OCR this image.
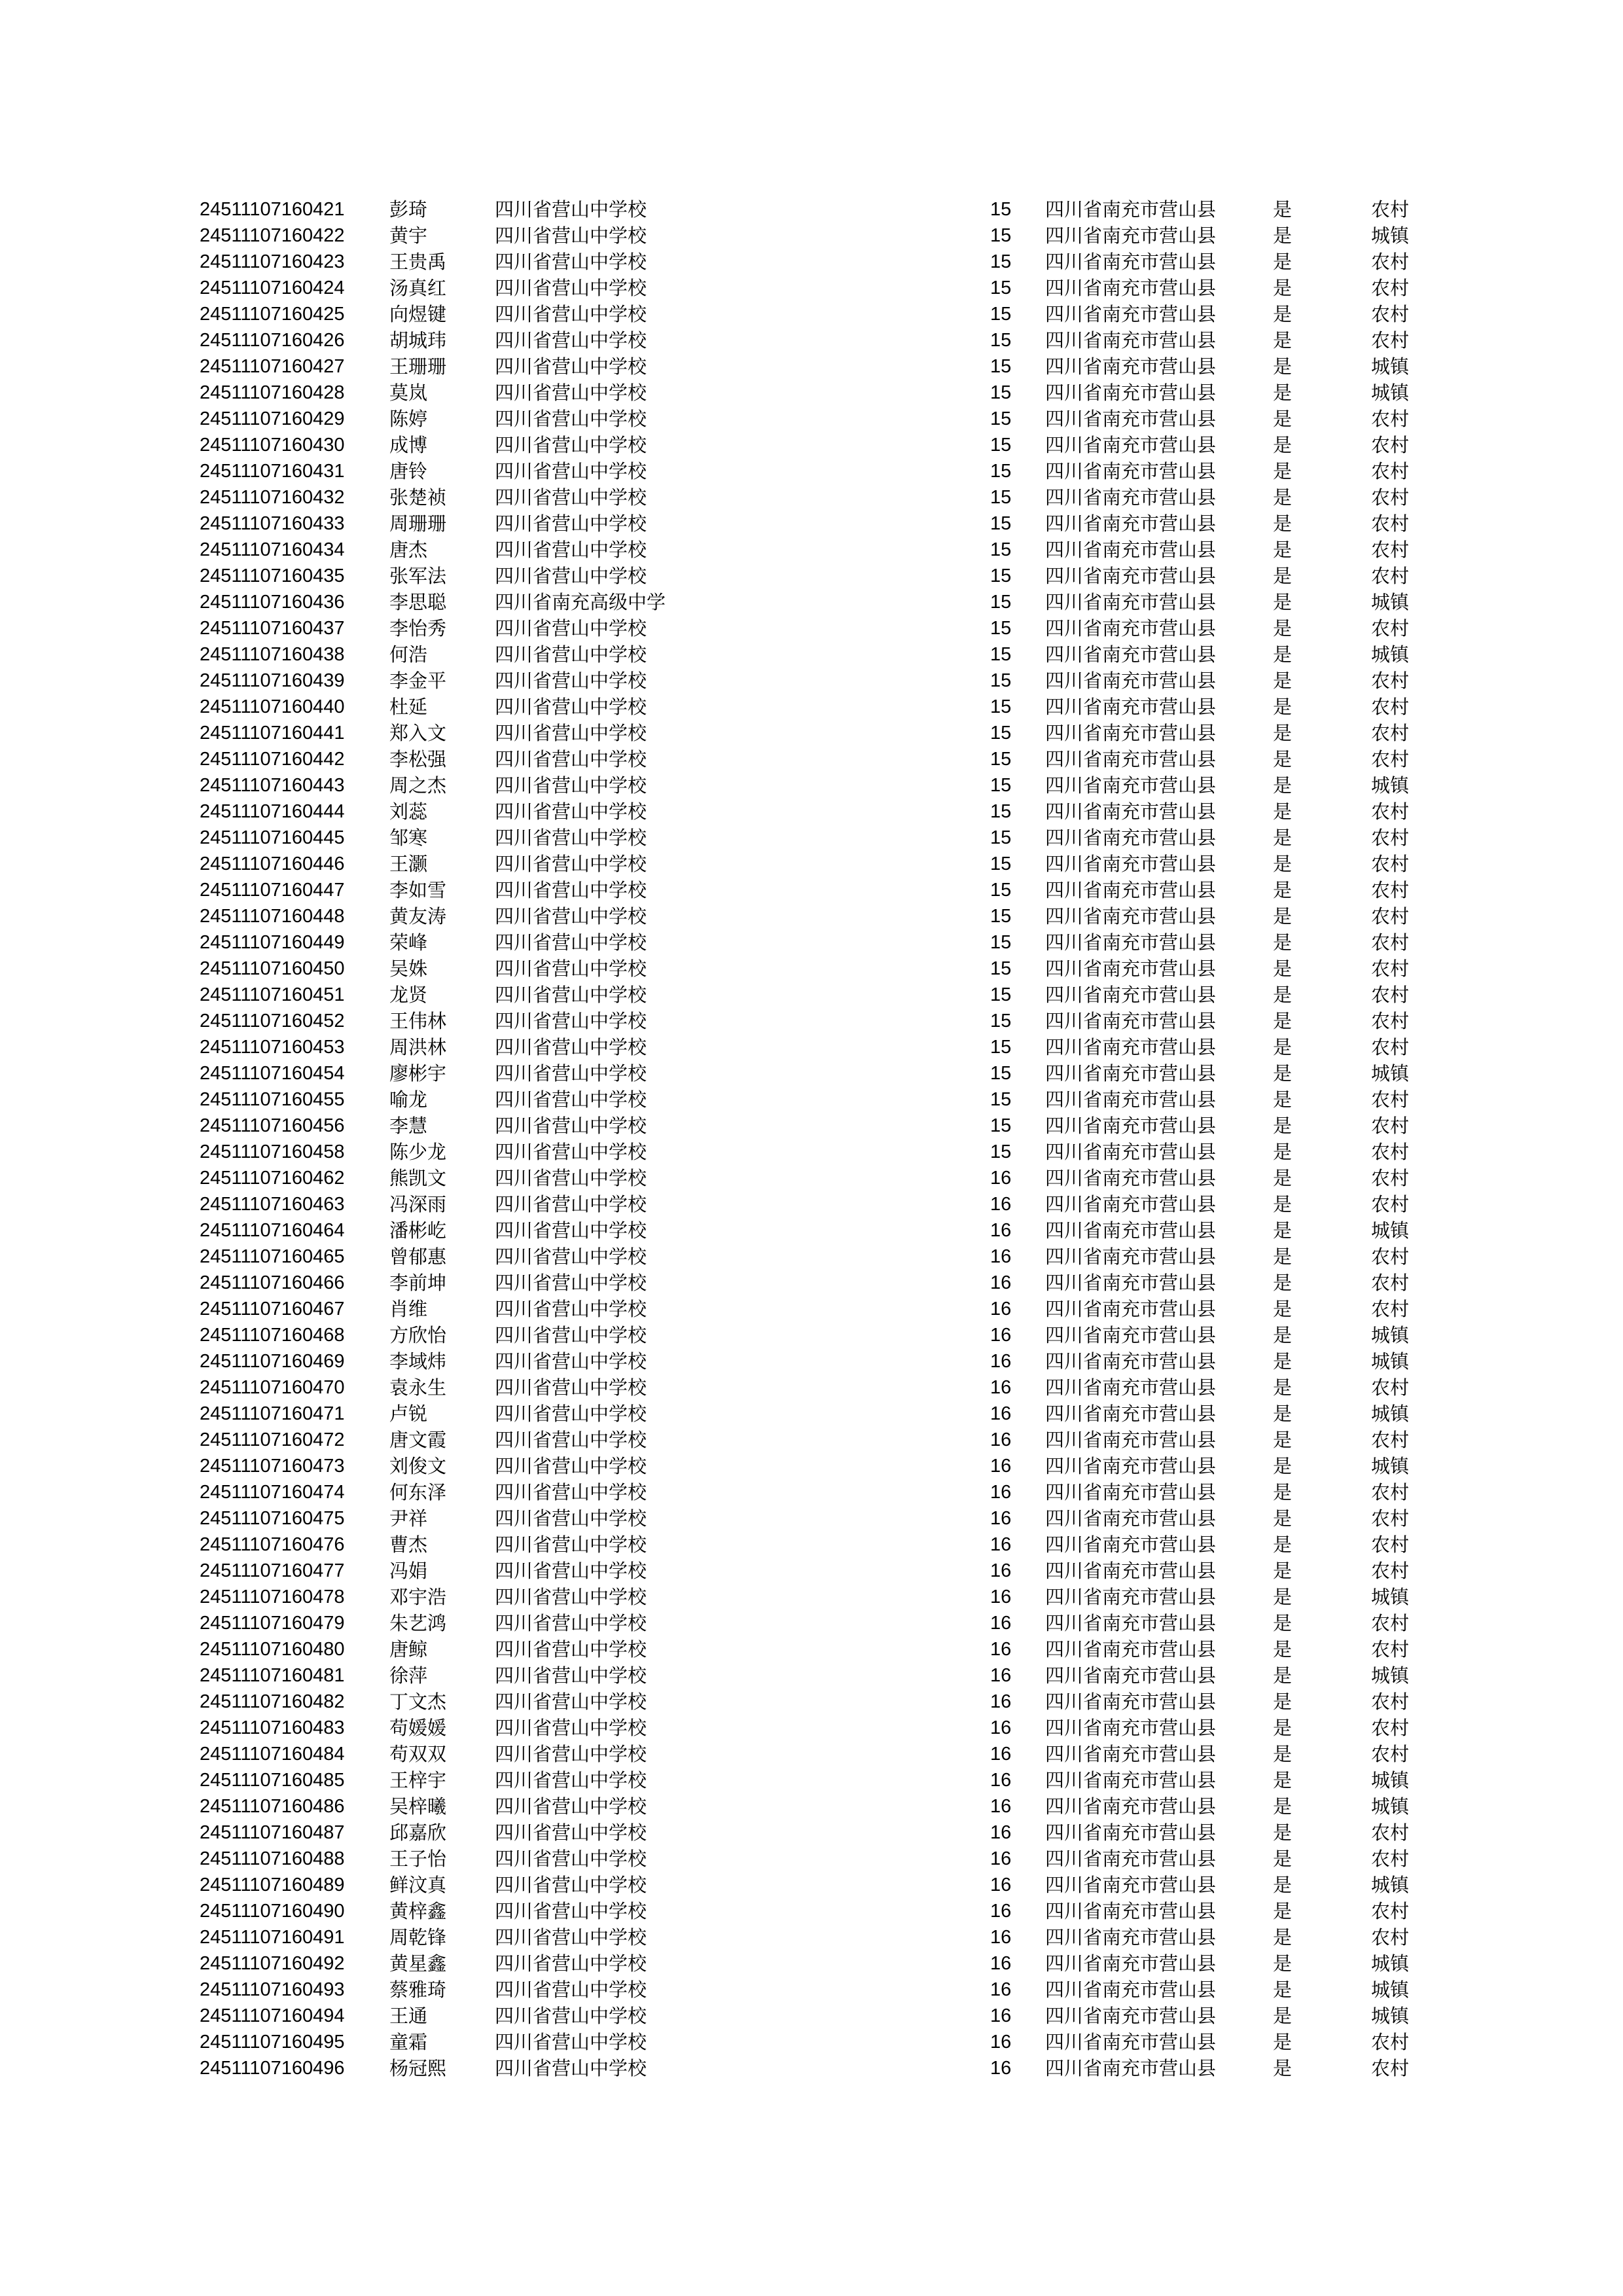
24511107160421 彭琦	四川省营山中学校	15 四川省南充市营山县	是	农村
24511107160422 黄宇	四川省营山中学校	15 四川省南充市营山县	是	城镇
24511107160423 王贵禹	四川省营山中学校	15 四川省南充市营山县	是	农村
24511107160424 汤真红	四川省营山中学校	15 四川省南充市营山县	是	农村
24511107160425 向煜键	四川省营山中学校	15 四川省南充市营山县	是	农村
24511107160426 胡城玮	四川省营山中学校	15 四川省南充市营山县	是	农村
24511107160427 王珊珊	四川省营山中学校	15 四川省南充市营山县	是	城镇
24511107160428 莫岚	四川省营山中学校	15 四川省南充市营山县	是	城镇
24511107160429 陈婷	四川省营山中学校	15 四川省南充市营山县	是	农村
24511107160430 成博	四川省营山中学校	15 四川省南充市营山县	是	农村
24511107160431 唐铃	四川省营山中学校	15 四川省南充市营山县	是	农村
24511107160432 张楚祯	四川省营山中学校	15 四川省南充市营山县	是	农村
24511107160433 周珊珊	四川省营山中学校	15 四川省南充市营山县	是	农村
24511107160434 唐杰	四川省营山中学校	15 四川省南充市营山县	是	农村
24511107160435 张军法	四川省营山中学校	15 四川省南充市营山县	是	农村
24511107160436 李思聪	四川省南充高级中学	15 四川省南充市营山县	是	城镇
24511107160437 李怡秀	四川省营山中学校	15 四川省南充市营山县	是	农村
24511107160438 何浩	四川省营山中学校	15 四川省南充市营山县	是	城镇
24511107160439 李金平	四川省营山中学校	15 四川省南充市营山县	是	农村
24511107160440 杜延	四川省营山中学校	15 四川省南充市营山县	是	农村
24511107160441 郑入文	四川省营山中学校	15 四川省南充市营山县	是	农村
24511107160442 李松强	四川省营山中学校	15 四川省南充市营山县	是	农村
24511107160443 周之杰	四川省营山中学校	15 四川省南充市营山县	是	城镇
24511107160444 刘蕊	四川省营山中学校	15 四川省南充市营山县	是	农村
24511107160445 邹寒	四川省营山中学校	15 四川省南充市营山县	是	农村
24511107160446 王灏	四川省营山中学校	15 四川省南充市营山县	是	农村
24511107160447 李如雪	四川省营山中学校	15 四川省南充市营山县	是	农村
24511107160448 黄友涛	四川省营山中学校	15 四川省南充市营山县	是	农村
24511107160449 荣峰	四川省营山中学校	15 四川省南充市营山县	是	农村
24511107160450 吴姝	四川省营山中学校	15 四川省南充市营山县	是	农村
24511107160451 龙贤	四川省营山中学校	15 四川省南充市营山县	是	农村
24511107160452 王伟林	四川省营山中学校	15 四川省南充市营山县	是	农村
24511107160453 周洪林	四川省营山中学校	15 四川省南充市营山县	是	农村
24511107160454 廖彬宇	四川省营山中学校	15 四川省南充市营山县	是	城镇
24511107160455 喻龙	四川省营山中学校	15 四川省南充市营山县	是	农村
24511107160456 李慧	四川省营山中学校	15 四川省南充市营山县	是	农村
24511107160458 陈少龙	四川省营山中学校	15 四川省南充市营山县	是	农村
24511107160462 熊凯文	四川省营山中学校	16 四川省南充市营山县	是	农村
24511107160463 冯深雨	四川省营山中学校	16 四川省南充市营山县	是	农村
24511107160464 潘彬屹	四川省营山中学校	16 四川省南充市营山县	是	城镇
24511107160465 曾郁惠	四川省营山中学校	16 四川省南充市营山县	是	农村
24511107160466 李前坤	四川省营山中学校	16 四川省南充市营山县	是	农村
24511107160467 肖维	四川省营山中学校	16 四川省南充市营山县	是	农村
24511107160468 方欣怡	四川省营山中学校	16 四川省南充市营山县	是	城镇
24511107160469 李域炜	四川省营山中学校	16 四川省南充市营山县	是	城镇
24511107160470 袁永生	四川省营山中学校	16 四川省南充市营山县	是	农村
24511107160471 卢锐	四川省营山中学校	16 四川省南充市营山县	是	城镇
24511107160472 唐文霞	四川省营山中学校	16 四川省南充市营山县	是	农村
24511107160473 刘俊文	四川省营山中学校	16 四川省南充市营山县	是	城镇
24511107160474 何东泽	四川省营山中学校	16 四川省南充市营山县	是	农村
24511107160475 尹祥	四川省营山中学校	16 四川省南充市营山县	是	农村
24511107160476 曹杰	四川省营山中学校	16 四川省南充市营山县	是	农村
24511107160477 冯娟	四川省营山中学校	16 四川省南充市营山县	是	农村
24511107160478 邓宇浩	四川省营山中学校	16 四川省南充市营山县	是	城镇
24511107160479 朱艺鸿	四川省营山中学校	16 四川省南充市营山县	是	农村
24511107160480 唐鲸	四川省营山中学校	16 四川省南充市营山县	是	农村
24511107160481 徐萍	四川省营山中学校	16 四川省南充市营山县	是	城镇
24511107160482 丁文杰	四川省营山中学校	16 四川省南充市营山县	是	农村
24511107160483 苟媛媛	四川省营山中学校	16 四川省南充市营山县	是	农村
24511107160484 苟双双	四川省营山中学校	16 四川省南充市营山县	是	农村
24511107160485 王梓宇	四川省营山中学校	16 四川省南充市营山县	是	城镇
24511107160486 吴梓曦	四川省营山中学校	16 四川省南充市营山县	是	城镇
24511107160487 邱嘉欣	四川省营山中学校	16 四川省南充市营山县	是	农村
24511107160488 王子怡	四川省营山中学校	16 四川省南充市营山县	是	农村
24511107160489 鲜汶真	四川省营山中学校	16 四川省南充市营山县	是	城镇
24511107160490 黄梓鑫	四川省营山中学校	16 四川省南充市营山县	是	农村
24511107160491 周乾锋	四川省营山中学校	16 四川省南充市营山县	是	农村
24511107160492 黄星鑫	四川省营山中学校	16 四川省南充市营山县	是	城镇
24511107160493 蔡雅琦	四川省营山中学校	16 四川省南充市营山县	是	城镇
24511107160494 王通	四川省营山中学校	16 四川省南充市营山县	是	城镇
24511107160495 童霜	四川省营山中学校	16 四川省南充市营山县	是	农村
24511107160496 杨冠熙	四川省营山中学校	16 四川省南充市营山县	是	农村
